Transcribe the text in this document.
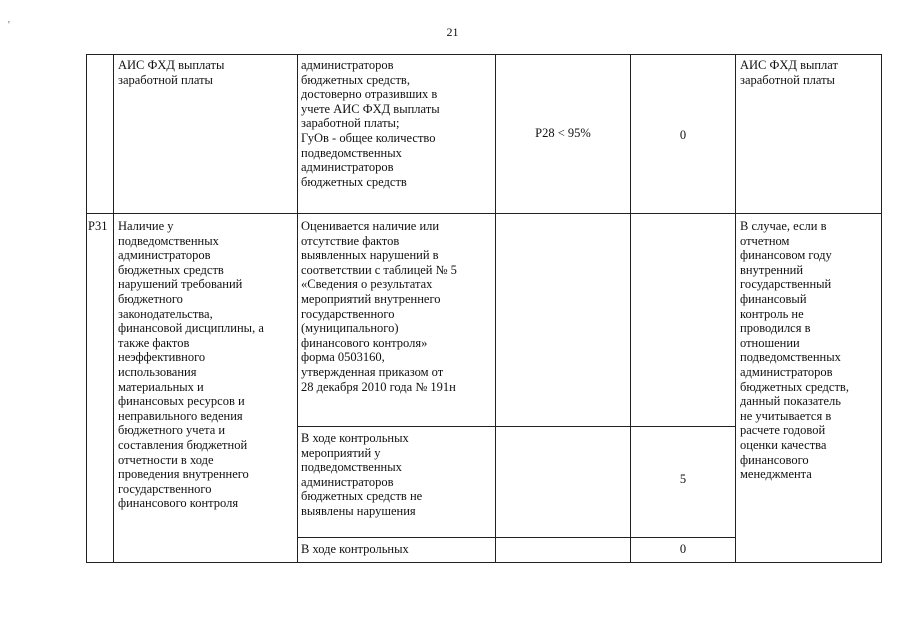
21
'
АИС ФХД выплаты
заработной платы
администраторов
бюджетных средств,
достоверно отразивших в
учете АИС ФХД выплаты
заработной платы;
ГуОв - общее количество
подведомственных
администраторов
бюджетных средств
Р28 < 95%	0
АИС ФХД выплат
заработной платы
Р31 Наличие у
подведомственных
администраторов
бюджетных средств
нарушений требований
бюджетного
законодательства,
финансовой дисциплины, а
также фактов
неэффективного
использования
материальных и
финансовых ресурсов и
неправильного ведения
бюджетного учета и
составления бюджетной
отчетности в ходе
проведения внутреннего
государственного
финансового контроля
Оценивается наличие или
отсутствие фактов
выявленных нарушений в
соответствии с таблицей № 5
«Сведения о результатах
мероприятий внутреннего
государственного
(муниципального)
финансового контроля»
форма 0503160,
утвержденная приказом от
28 декабря 2010 года № 191н
В ходе контрольных
мероприятий у
подведомственных
администраторов
бюджетных средств не
выявлены нарушения
5
В ходе контрольных	0
В случае, если в
отчетном
финансовом году
внутренний
государственный
финансовый
контроль не
проводился в
отношении
подведомственных
администраторов
бюджетных средств,
данный показатель
не учитывается в
расчете годовой
оценки качества
финансового
менеджмента
